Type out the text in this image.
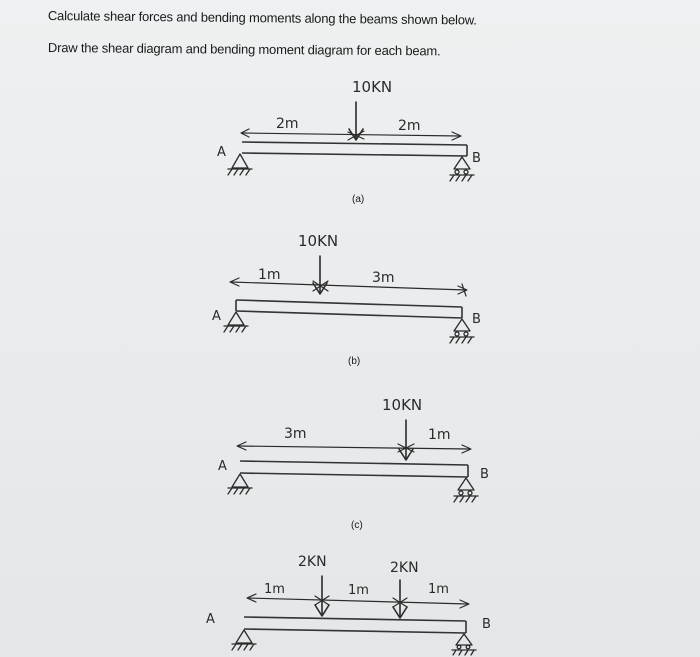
Calculate shear forces and bending moments along the beams shown below.
Draw the shear diagram and bending moment diagram for each beam.
10KN
2m	2m
A	B
(a)
10KN
1m	3m
A	B
(b)
10KN
3m	1m
A
B
(c)
2KN	2KN
1m	1m	1m
A	B
